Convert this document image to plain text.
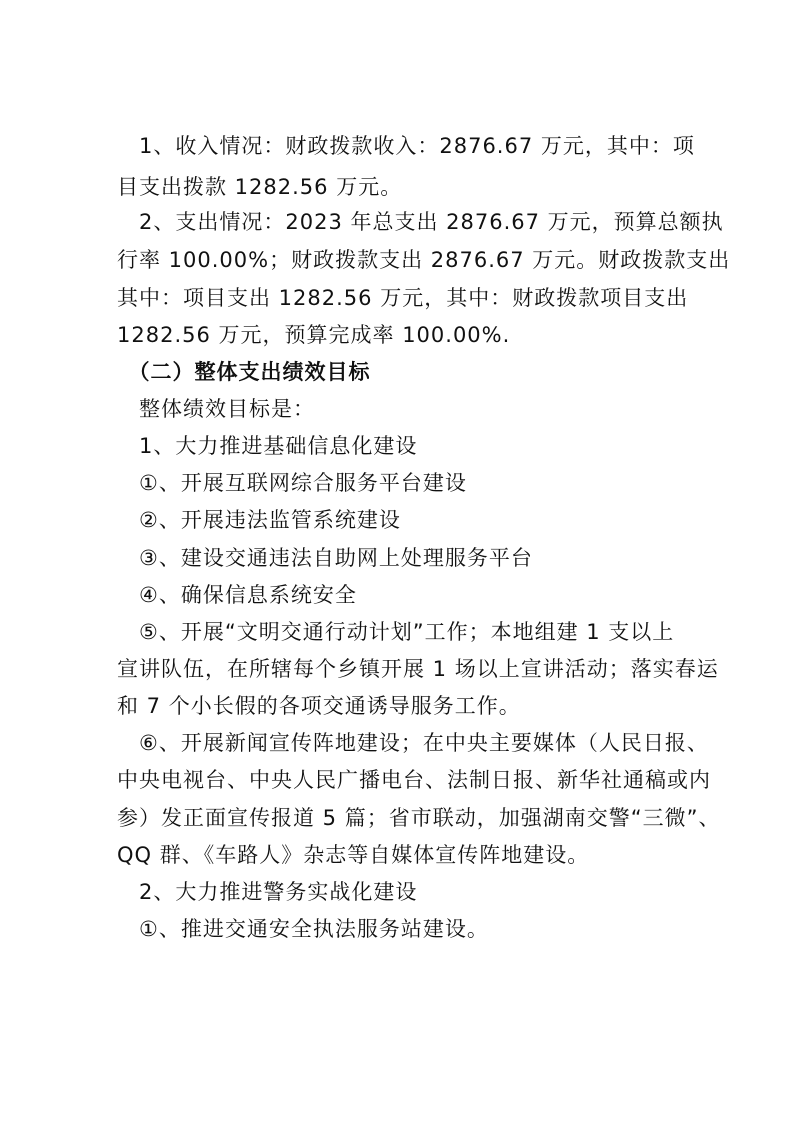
　1、收入情况：财政拨款收入：2876.67 万元，其中：项
目支出拨款 1282.56 万元。
　2、支出情况：2023 年总支出 2876.67 万元，预算总额执
行率 100.00%；财政拨款支出 2876.67 万元。财政拨款支出
其中：项目支出 1282.56 万元，其中：财政拨款项目支出
1282.56 万元，预算完成率 100.00%.
　（二）整体支出绩效目标
　整体绩效目标是：
　1、大力推进基础信息化建设
　①、开展互联网综合服务平台建设
　②、开展违法监管系统建设
　③、建设交通违法自助网上处理服务平台
　④、确保信息系统安全
　⑤、开展“文明交通行动计划”工作；本地组建 1 支以上
宣讲队伍，在所辖每个乡镇开展 1 场以上宣讲活动；落实春运
和 7 个小长假的各项交通诱导服务工作。
　⑥、开展新闻宣传阵地建设；在中央主要媒体（人民日报、
中央电视台、中央人民广播电台、法制日报、新华社通稿或内
参）发正面宣传报道 5 篇；省市联动，加强湖南交警“三微”、
QQ 群、《车路人》杂志等自媒体宣传阵地建设。
　2、大力推进警务实战化建设
　①、推进交通安全执法服务站建设。
